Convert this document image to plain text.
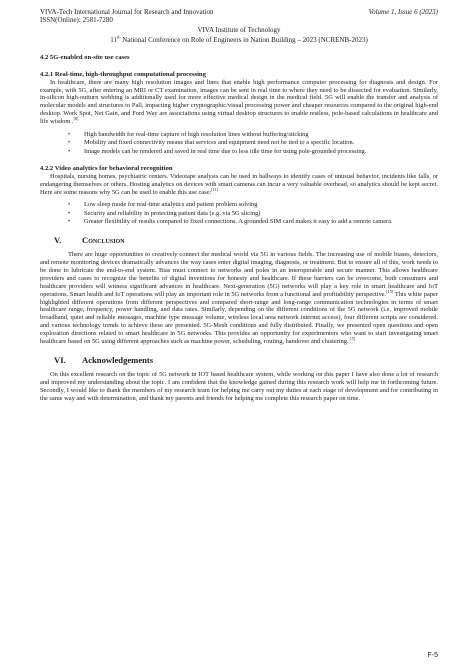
VIVA-Tech International Journal for Research and Innovation	Volume 1, Issue 6 (2023)
ISSN(Online): 2581-7280
VIVA Institute of Technology
11th National Conference on Role of Engineers in Nation Building – 2023 (NCRENB-2023)
4.2 5G-enabled on-site use cases
4.2.1 Real-time, high-throughput computational processing

In healthcare, there are many high resolution images and lines that enable high performance computer processing for diagnosis and design. For example, with 5G, after entering an MRI or CT examination, images can be sent in real time to where they need to be dissected for evaluation. Similarly, in-silicon high-outturn webbing is additionally used for more effective medical design in the medical field. 5G will enable the transfer and analysis of molecular models and structures to Pall, impacting higher cryptographic/visual processing power and cheaper resources compared to the original high-end desktop. Work Spot, Net Gain, and Ford Way are associations using virtual desktop structures to enable restless, pole-based calculations in healthcare and life wisdom .[8]

• High bandwidth for real-time capture of high resolution lines without buffering/sticking
• Mobility and fixed connectivity means that services and equipment need not be tied to a specific location.
• Image models can be rendered and saved in real time due to less idle time for using pole-grounded processing.
4.2.2 Video analytics for behavioral recognition

Hospitals, nursing homes, psychiatric centers. Videotape analysis can be used in hallways to identify cases of unusual behavior, incidents like falls, or endangering themselves or others. Hosting analytics on devices with smart cameras can incur a very valuable overhead, so analytics should be kept secret. Here are some reasons why 5G can be used to enable this use case:[11]

• Low sleep mode for real-time analytics and patient problem solving
• Security and reliability in protecting patient data (e.g. via 5G slicing)
• Greater flexibility of results compared to fixed connections. A grounded SIM card makes it easy to add a remote camera.
V.	Conclusion

There are huge opportunities to creatively connect the medical world via 5G in various fields. The increasing use of mobile biases, detectors, and remote monitoring devices dramatically advances the way cases enter digital imaging, diagnosis, or treatment. But to ensure all of this, work needs to be done to lubricate the end-to-end system. Bias must connect to networks and poles in an interoperable and secure manner. This allows healthcare providers and cases to recognize the benefits of digital inventions for honesty and healthcare. If these barriers can be overcome, both consumers and healthcare providers will witness significant advances in healthcare. Next-generation (5G) networks will play a key role in smart healthcare and IoT operations. Smart health and IoT operations will play an important role in 5G networks from a functional and profitability perspective.[15] This white paper highlighted different operations from different perspectives and compared short-range and long-range communication technologies in terms of smart healthcare range, frequency, power handling, and data rates. Similarly, depending on the different conditions of the 5G network (i.e. improved mobile broadband, quiet and reliable messages, machine type message volume, wireless local area network internet access), four different scripts are considered. and various technology trends to achieve these are presented. 5G-Mesh conditions and fully distributed. Finally, we presented open questions and open exploration directions related to smart healthcare in 5G networks. This provides an opportunity for experimenters who want to start investigating smart healthcare based on 5G using different approaches such as machine power, scheduling, routing, handover and clustering. [5]

VI.	Acknowledgements

On this excellent research on the topic of 5G network in IOT based healthcare system, while working on this paper I have also done a lot of research and improved my understanding about the topic. I am confident that the knowledge gained during this research work will help me in forthcoming future. Secondly, I would like to thank the members of my research team for helping me carry out my duties at each stage of development and for contributing in the same way and with determination, and thank my parents and friends for helping me complete this research paper on time.

F-5
